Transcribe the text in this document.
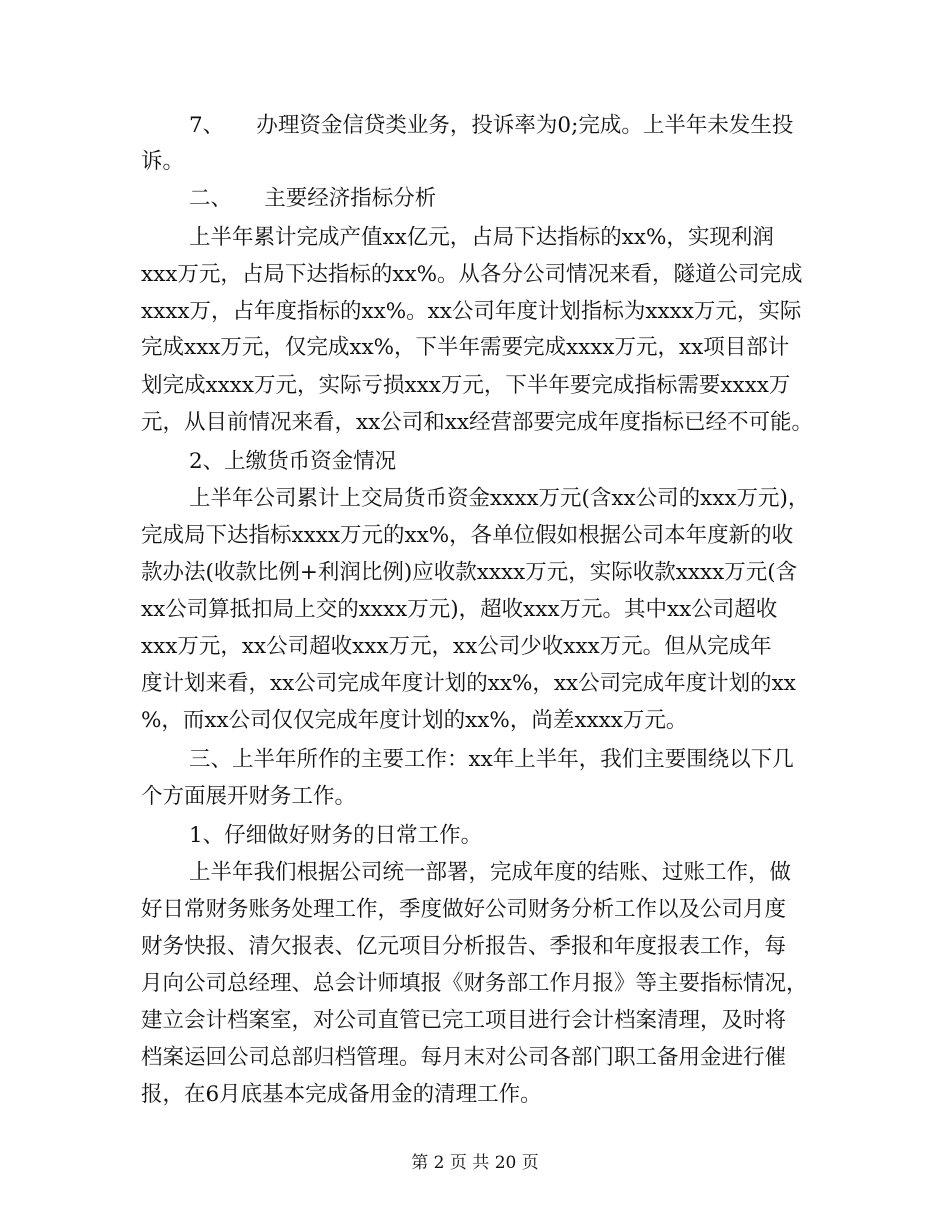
7、　　办理资金信贷类业务，投诉率为0;完成。上半年未发生投
诉。
二、　　主要经济指标分析
上半年累计完成产值xx亿元，占局下达指标的xx%，实现利润
xxx万元，占局下达指标的xx%。从各分公司情况来看，隧道公司完成
xxxx万，占年度指标的xx%。xx公司年度计划指标为xxxx万元，实际
完成xxx万元，仅完成xx%，下半年需要完成xxxx万元，xx项目部计
划完成xxxx万元，实际亏损xxx万元，下半年要完成指标需要xxxx万
元，从目前情况来看，xx公司和xx经营部要完成年度指标已经不可能。
2、上缴货币资金情况
上半年公司累计上交局货币资金xxxx万元(含xx公司的xxx万元)，
完成局下达指标xxxx万元的xx%，各单位假如根据公司本年度新的收
款办法(收款比例+利润比例)应收款xxxx万元，实际收款xxxx万元(含
xx公司算抵扣局上交的xxxx万元)，超收xxx万元。其中xx公司超收
xxx万元，xx公司超收xxx万元，xx公司少收xxx万元。但从完成年
度计划来看，xx公司完成年度计划的xx%，xx公司完成年度计划的xx
%，而xx公司仅仅完成年度计划的xx%，尚差xxxx万元。
三、上半年所作的主要工作：xx年上半年，我们主要围绕以下几
个方面展开财务工作。
1、仔细做好财务的日常工作。
上半年我们根据公司统一部署，完成年度的结账、过账工作，做
好日常财务账务处理工作，季度做好公司财务分析工作以及公司月度
财务快报、清欠报表、亿元项目分析报告、季报和年度报表工作，每
月向公司总经理、总会计师填报《财务部工作月报》等主要指标情况，
建立会计档案室，对公司直管已完工项目进行会计档案清理，及时将
档案运回公司总部归档管理。每月末对公司各部门职工备用金进行催
报，在6月底基本完成备用金的清理工作。
第 2 页 共 20 页
